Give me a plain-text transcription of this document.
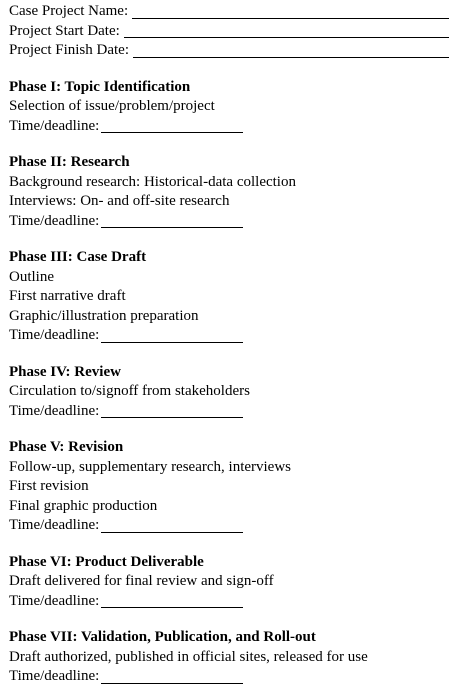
Case Project Name:
Project Start Date:
Project Finish Date:
Phase I: Topic Identification
Selection of issue/problem/project
Time/deadline:
Phase II: Research
Background research: Historical-data collection
Interviews: On- and off-site research
Time/deadline:
Phase III: Case Draft
Outline
First narrative draft
Graphic/illustration preparation
Time/deadline:
Phase IV: Review
Circulation to/signoff from stakeholders
Time/deadline:
Phase V: Revision
Follow-up, supplementary research, interviews
First revision
Final graphic production
Time/deadline:
Phase VI: Product Deliverable
Draft delivered for final review and sign-off
Time/deadline:
Phase VII: Validation, Publication, and Roll-out
Draft authorized, published in official sites, released for use
Time/deadline:
